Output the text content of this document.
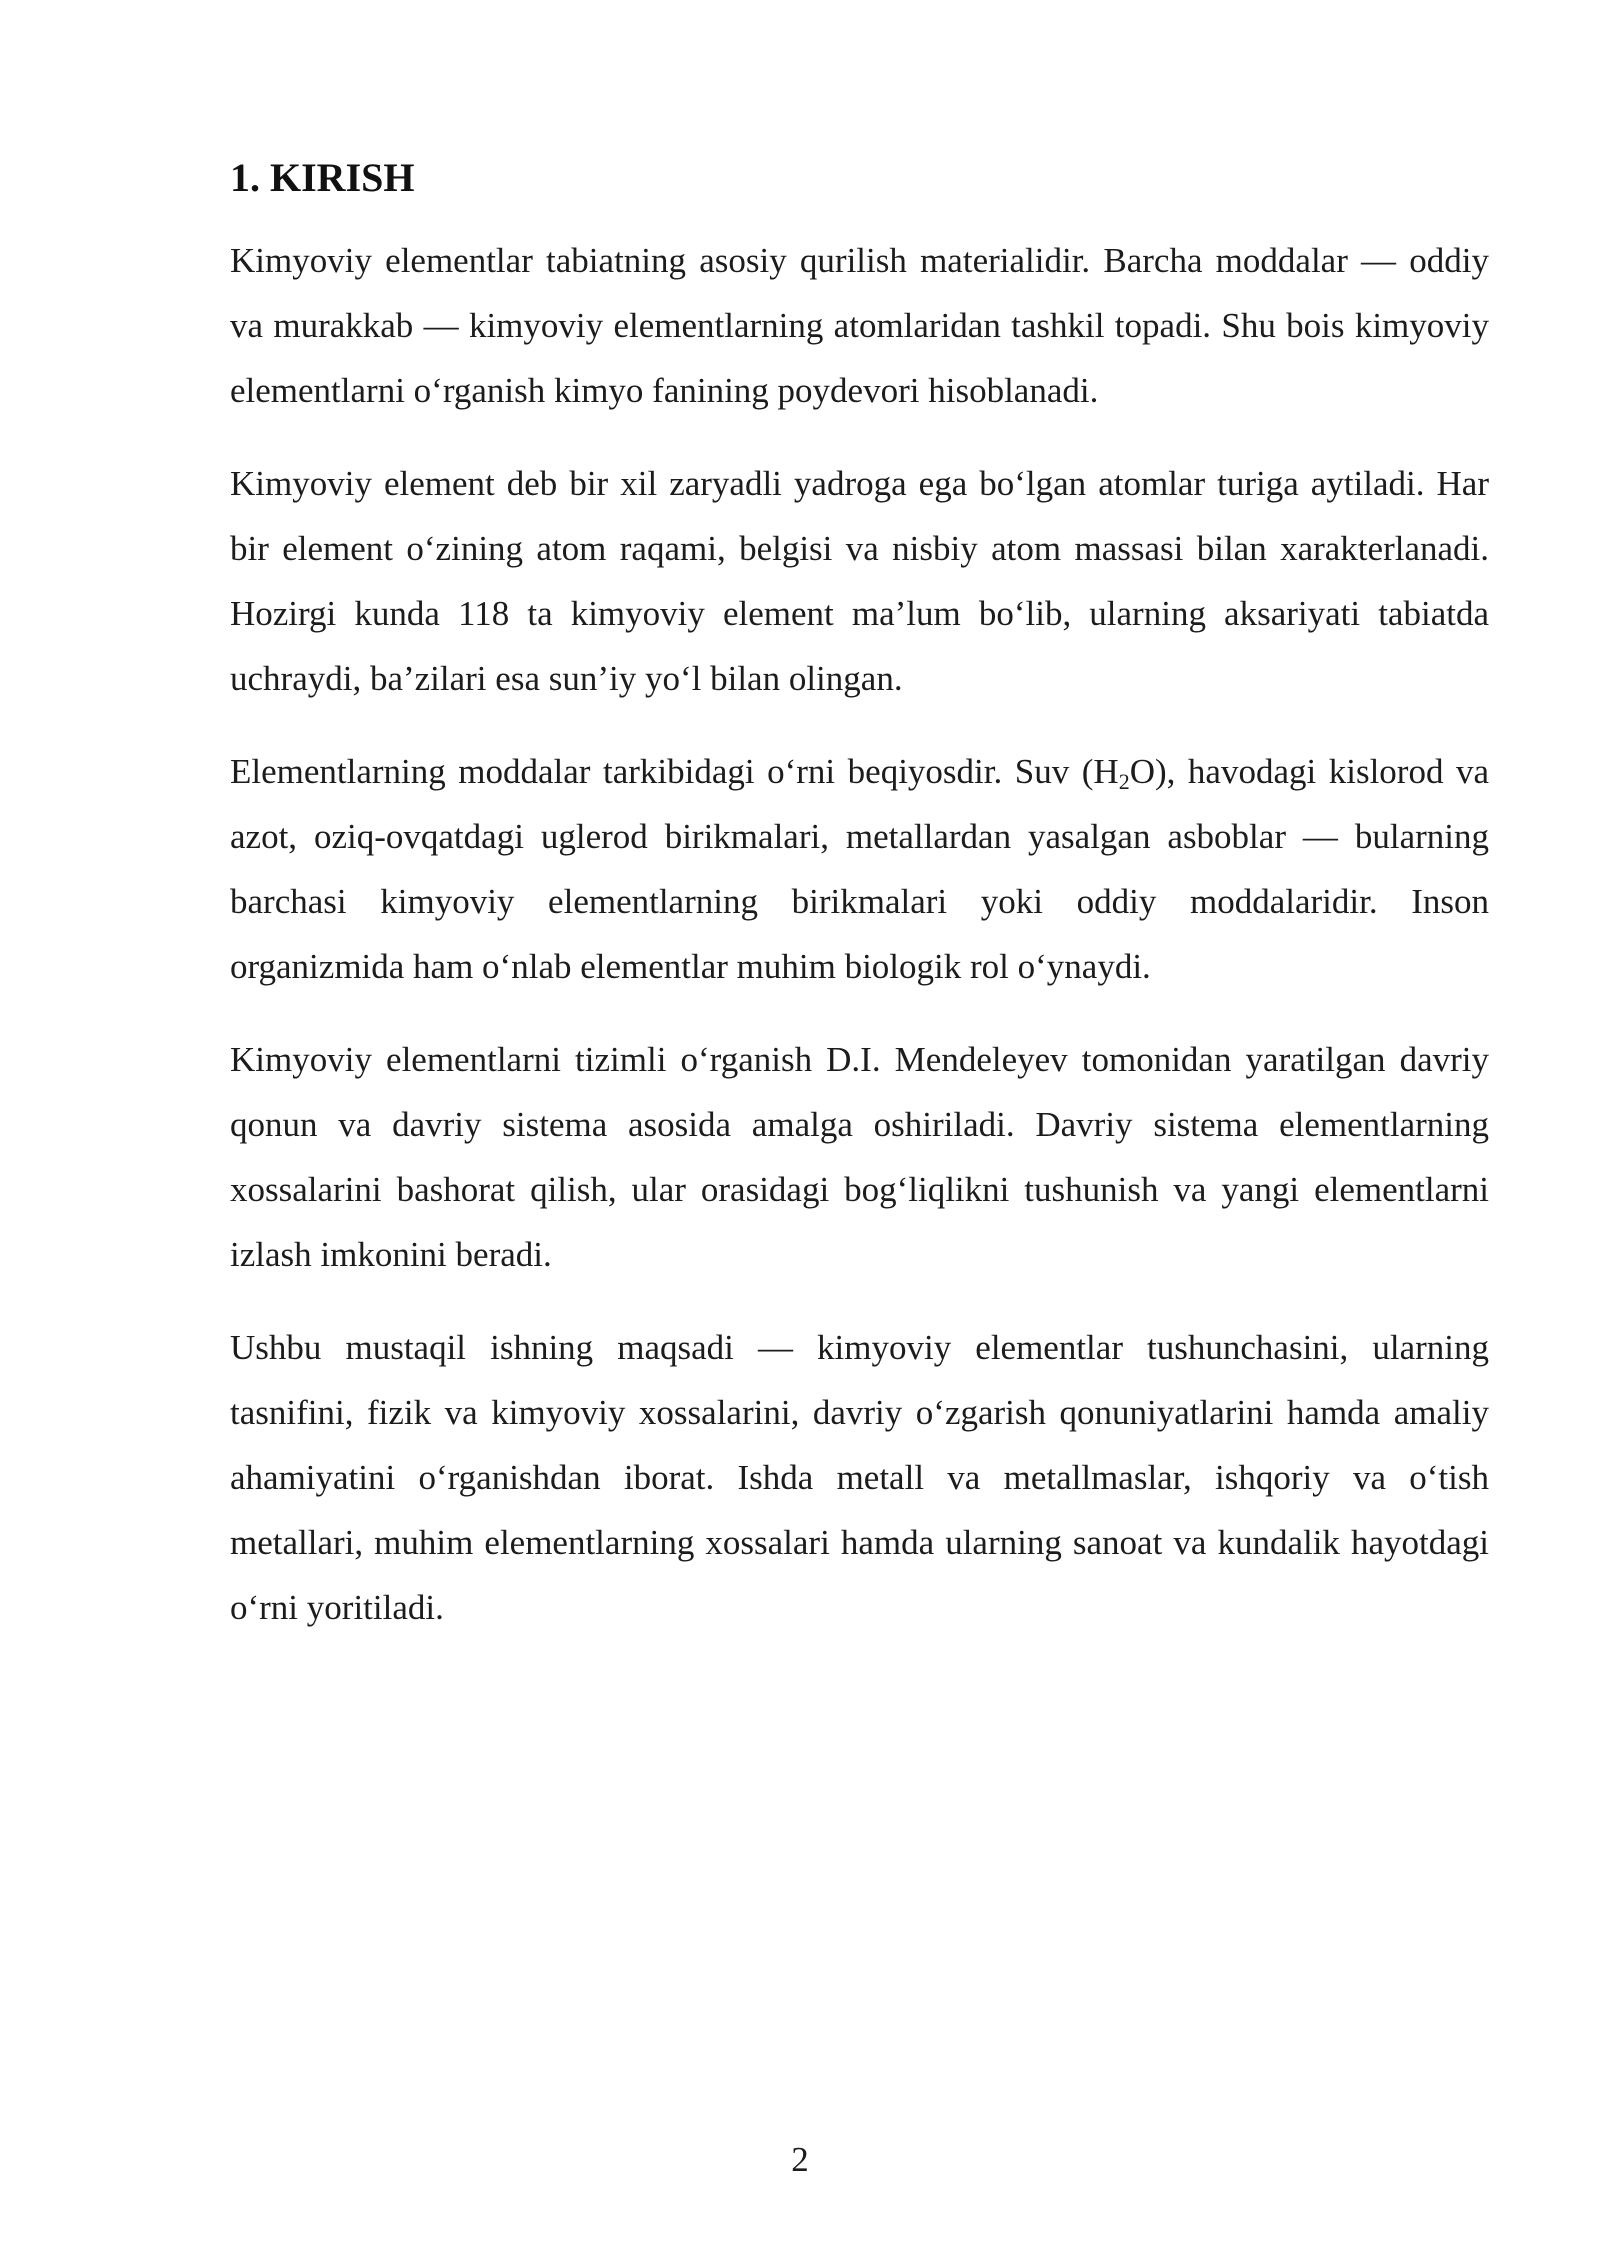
1. KIRISH

Kimyoviy elementlar tabiatning asosiy qurilish materialidir. Barcha moddalar — oddiy va murakkab — kimyoviy elementlarning atomlaridan tashkil topadi. Shu bois kimyoviy elementlarni o‘rganish kimyo fanining poydevori hisoblanadi.

Kimyoviy element deb bir xil zaryadli yadroga ega bo‘lgan atomlar turiga aytiladi. Har bir element o‘zining atom raqami, belgisi va nisbiy atom massasi bilan xarakterlanadi. Hozirgi kunda 118 ta kimyoviy element ma’lum bo‘lib, ularning aksariyati tabiatda uchraydi, ba’zilari esa sun’iy yo‘l bilan olingan.

Elementlarning moddalar tarkibidagi o‘rni beqiyosdir. Suv $(H_2O)$, havodagi kislorod va azot, oziq-ovqatdagi uglerod birikmalari, metallardan yasalgan asboblar — bularning barchasi kimyoviy elementlarning birikmalari yoki oddiy moddalaridir. Inson organizmida ham o‘nlab elementlar muhim biologik rol o‘ynaydi.

Kimyoviy elementlarni tizimli o‘rganish D.I. Mendeleyev tomonidan yaratilgan davriy qonun va davriy sistema asosida amalga oshiriladi. Davriy sistema elementlarning xossalarini bashorat qilish, ular orasidagi bog‘liqlikni tushunish va yangi elementlarni izlash imkonini beradi.

Ushbu mustaqil ishning maqsadi — kimyoviy elementlar tushunchasini, ularning tasnifini, fizik va kimyoviy xossalarini, davriy o‘zgarish qonuniyatlarini hamda amaliy ahamiyatini o‘rganishdan iborat. Ishda metall va metallmaslar, ishqoriy va o‘tish metallari, muhim elementlarning xossalari hamda ularning sanoat va kundalik hayotdagi o‘rni yoritiladi.

2
